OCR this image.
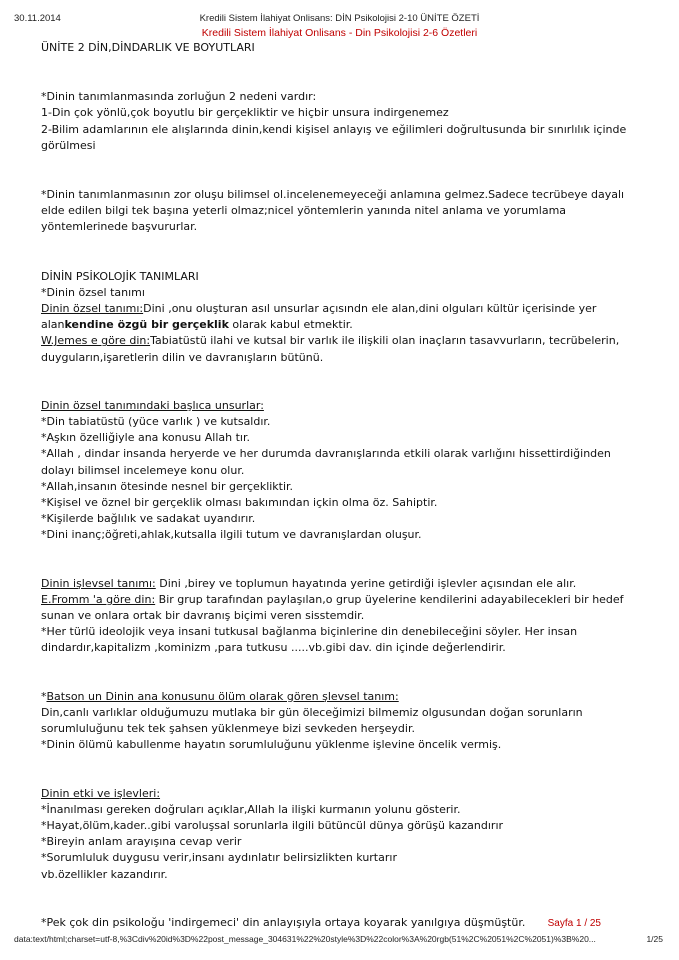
30.11.2014	Kredili Sistem İlahiyat Onlisans: DİN Psikolojisi 2-10 ÜNİTE ÖZETİ
Kredili Sistem İlahiyat Onlisans - Din Psikolojisi 2-6 Özetleri

ÜNİTE 2 DİN,DİNDARLIK VE BOYUTLARI

*Dinin tanımlanmasında zorluğun 2 nedeni vardır:

1-Din çok yönlü,çok boyutlu bir gerçekliktir ve hiçbir unsura indirgenemez

2-Bilim adamlarının ele alışlarında dinin,kendi kişisel anlayış ve eğilimleri doğrultusunda bir sınırlılık içinde görülmesi

*Dinin tanımlanmasının zor oluşu bilimsel ol.incelenemeyeceği anlamına gelmez.Sadece tecrübeye dayalı elde edilen bilgi tek başına yeterli olmaz;nicel yöntemlerin yanında nitel anlama ve yorumlama yöntemlerinede başvururlar.

DİNİN PSİKOLOJİK TANIMLARI

*Dinin özsel tanımı

Dinin özsel tanımı:Dini ,onu oluşturan asıl unsurlar açısındn ele alan,dini olguları kültür içerisinde yer alankendine özgü bir gerçeklik olarak kabul etmektir.

W.Jemes e göre din:Tabiatüstü ilahi ve kutsal bir varlık ile ilişkili olan inaçların tasavvurların, tecrübelerin, duyguların,işaretlerin dilin ve davranışların bütünü.

Dinin özsel tanımındaki başlıca unsurlar:

*Din tabiatüstü (yüce varlık ) ve kutsaldır.

*Aşkın özelliğiyle ana konusu Allah tır.

*Allah , dindar insanda heryerde ve her durumda davranışlarında etkili olarak varlığını hissettirdiğinden dolayı bilimsel incelemeye konu olur.

*Allah,insanın ötesinde nesnel bir gerçekliktir.

*Kişisel ve öznel bir gerçeklik olması bakımından içkin olma öz. Sahiptir.

*Kişilerde bağlılık ve sadakat uyandırır.

*Dini inanç;öğreti,ahlak,kutsalla ilgili tutum ve davranışlardan oluşur.

Dinin işlevsel tanımı: Dini ,birey ve toplumun hayatında yerine getirdiği işlevler açısından ele alır.

E.Fromm 'a göre din: Bir grup tarafından paylaşılan,o grup üyelerine kendilerini adayabilecekleri bir hedef sunan ve onlara ortak bir davranış biçimi veren sisstemdir.

*Her türlü ideolojik veya insani tutkusal bağlanma biçinlerine din denebileceğini söyler. Her insan dindardır,kapitalizm ,kominizm ,para tutkusu .....vb.gibi dav. din içinde değerlendirir.

*Batson un Dinin ana konusunu ölüm olarak gören şlevsel tanım:

Din,canlı varlıklar olduğumuzu mutlaka bir gün öleceğimizi bilmemiz olgusundan doğan sorunların sorumluluğunu tek tek şahsen yüklenmeye bizi sevkeden herşeydir.

*Dinin ölümü kabullenme hayatın sorumluluğunu yüklenme işlevine öncelik vermiş.

Dinin etki ve işlevleri:

*İnanılması gereken doğruları açıklar,Allah la ilişki kurmanın yolunu gösterir.

*Hayat,ölüm,kader..gibi varoluşsal sorunlarla ilgili bütüncül dünya görüşü kazandırır

*Bireyin anlam arayışına cevap verir

*Sorumluluk duygusu verir,insanı aydınlatır belirsizlikten kurtarır

vb.özellikler kazandırır.

*Pek çok din psikoloğu 'indirgemeci' din anlayışıyla ortaya koyarak yanılgıya düşmüştür.	Sayfa 1 / 25
data:text/html;charset=utf-8,%3Cdiv%20id%3D%22post_message_304631%22%20style%3D%22color%3A%20rgb(51%2C%2051%2C%2051)%3B%20...	1/25
